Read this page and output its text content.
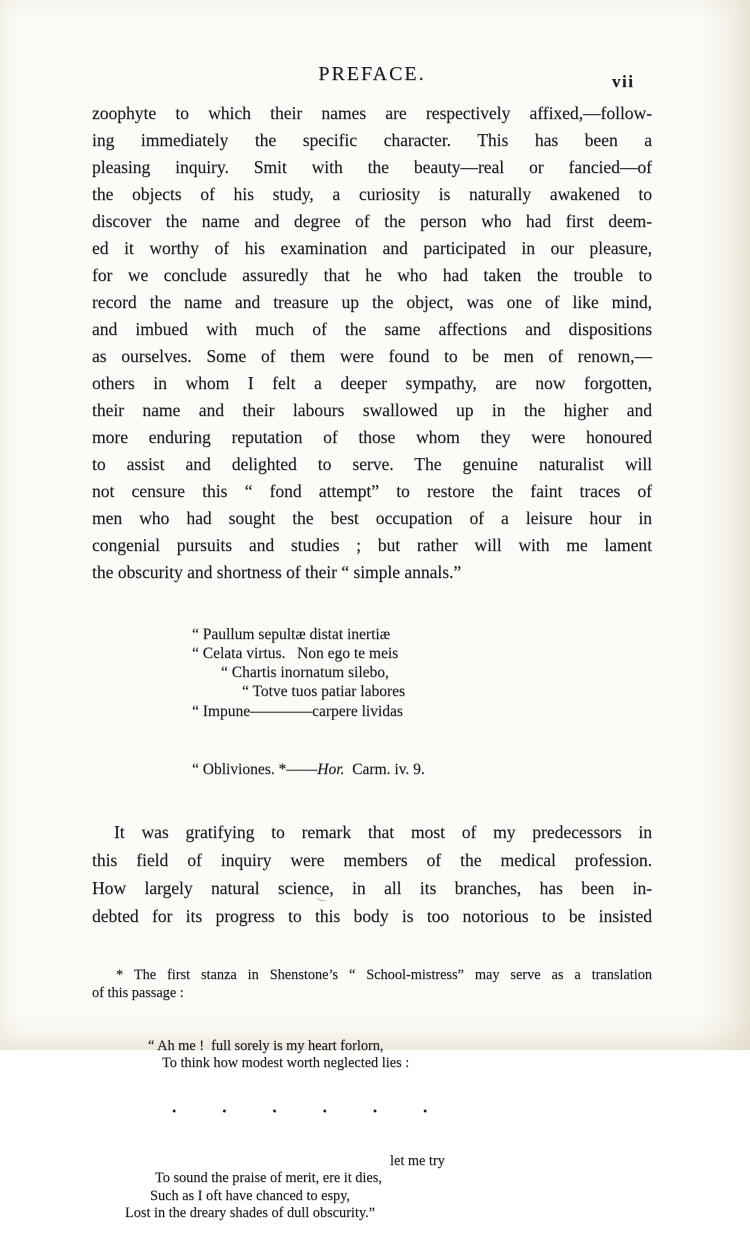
PREFACE.	vii
zoophyte to which their names are respectively affixed,—follow-
ing immediately the specific character. This has been a
pleasing inquiry. Smit with the beauty—real or fancied—of
the objects of his study, a curiosity is naturally awakened to
discover the name and degree of the person who had first deem-
ed it worthy of his examination and participated in our pleasure,
for we conclude assuredly that he who had taken the trouble to
record the name and treasure up the object, was one of like mind,
and imbued with much of the same affections and dispositions
as ourselves. Some of them were found to be men of renown,—
others in whom I felt a deeper sympathy, are now forgotten,
their name and their labours swallowed up in the higher and
more enduring reputation of those whom they were honoured
to assist and delighted to serve. The genuine naturalist will
not censure this “ fond attempt” to restore the faint traces of
men who had sought the best occupation of a leisure hour in
congenial pursuits and studies ; but rather will with me lament
the obscurity and shortness of their “ simple annals.”

“ Paullum sepultæ distat inertiæ
“ Celata virtus.   Non ego te meis
“ Chartis inornatum silebo,
“ Totve tuos patiar labores
“ Impune————carpere lividas

“ Obliviones. *——Hor.  Carm. iv. 9.

It was gratifying to remark that most of my predecessors in
this field of inquiry were members of the medical profession.
How largely natural science, in all its branches, has been in-
debted for its progress to this body is too notorious to be insisted

* The first stanza in Shenstone’s “ School-mistress” may serve as a translation
of this passage :

“ Ah me !  full sorely is my heart forlorn,
To think how modest worth neglected lies :

•	•	•	•	•	•

let me try
To sound the praise of merit, ere it dies,
Such as I oft have chanced to espy,
Lost in the dreary shades of dull obscurity.”
